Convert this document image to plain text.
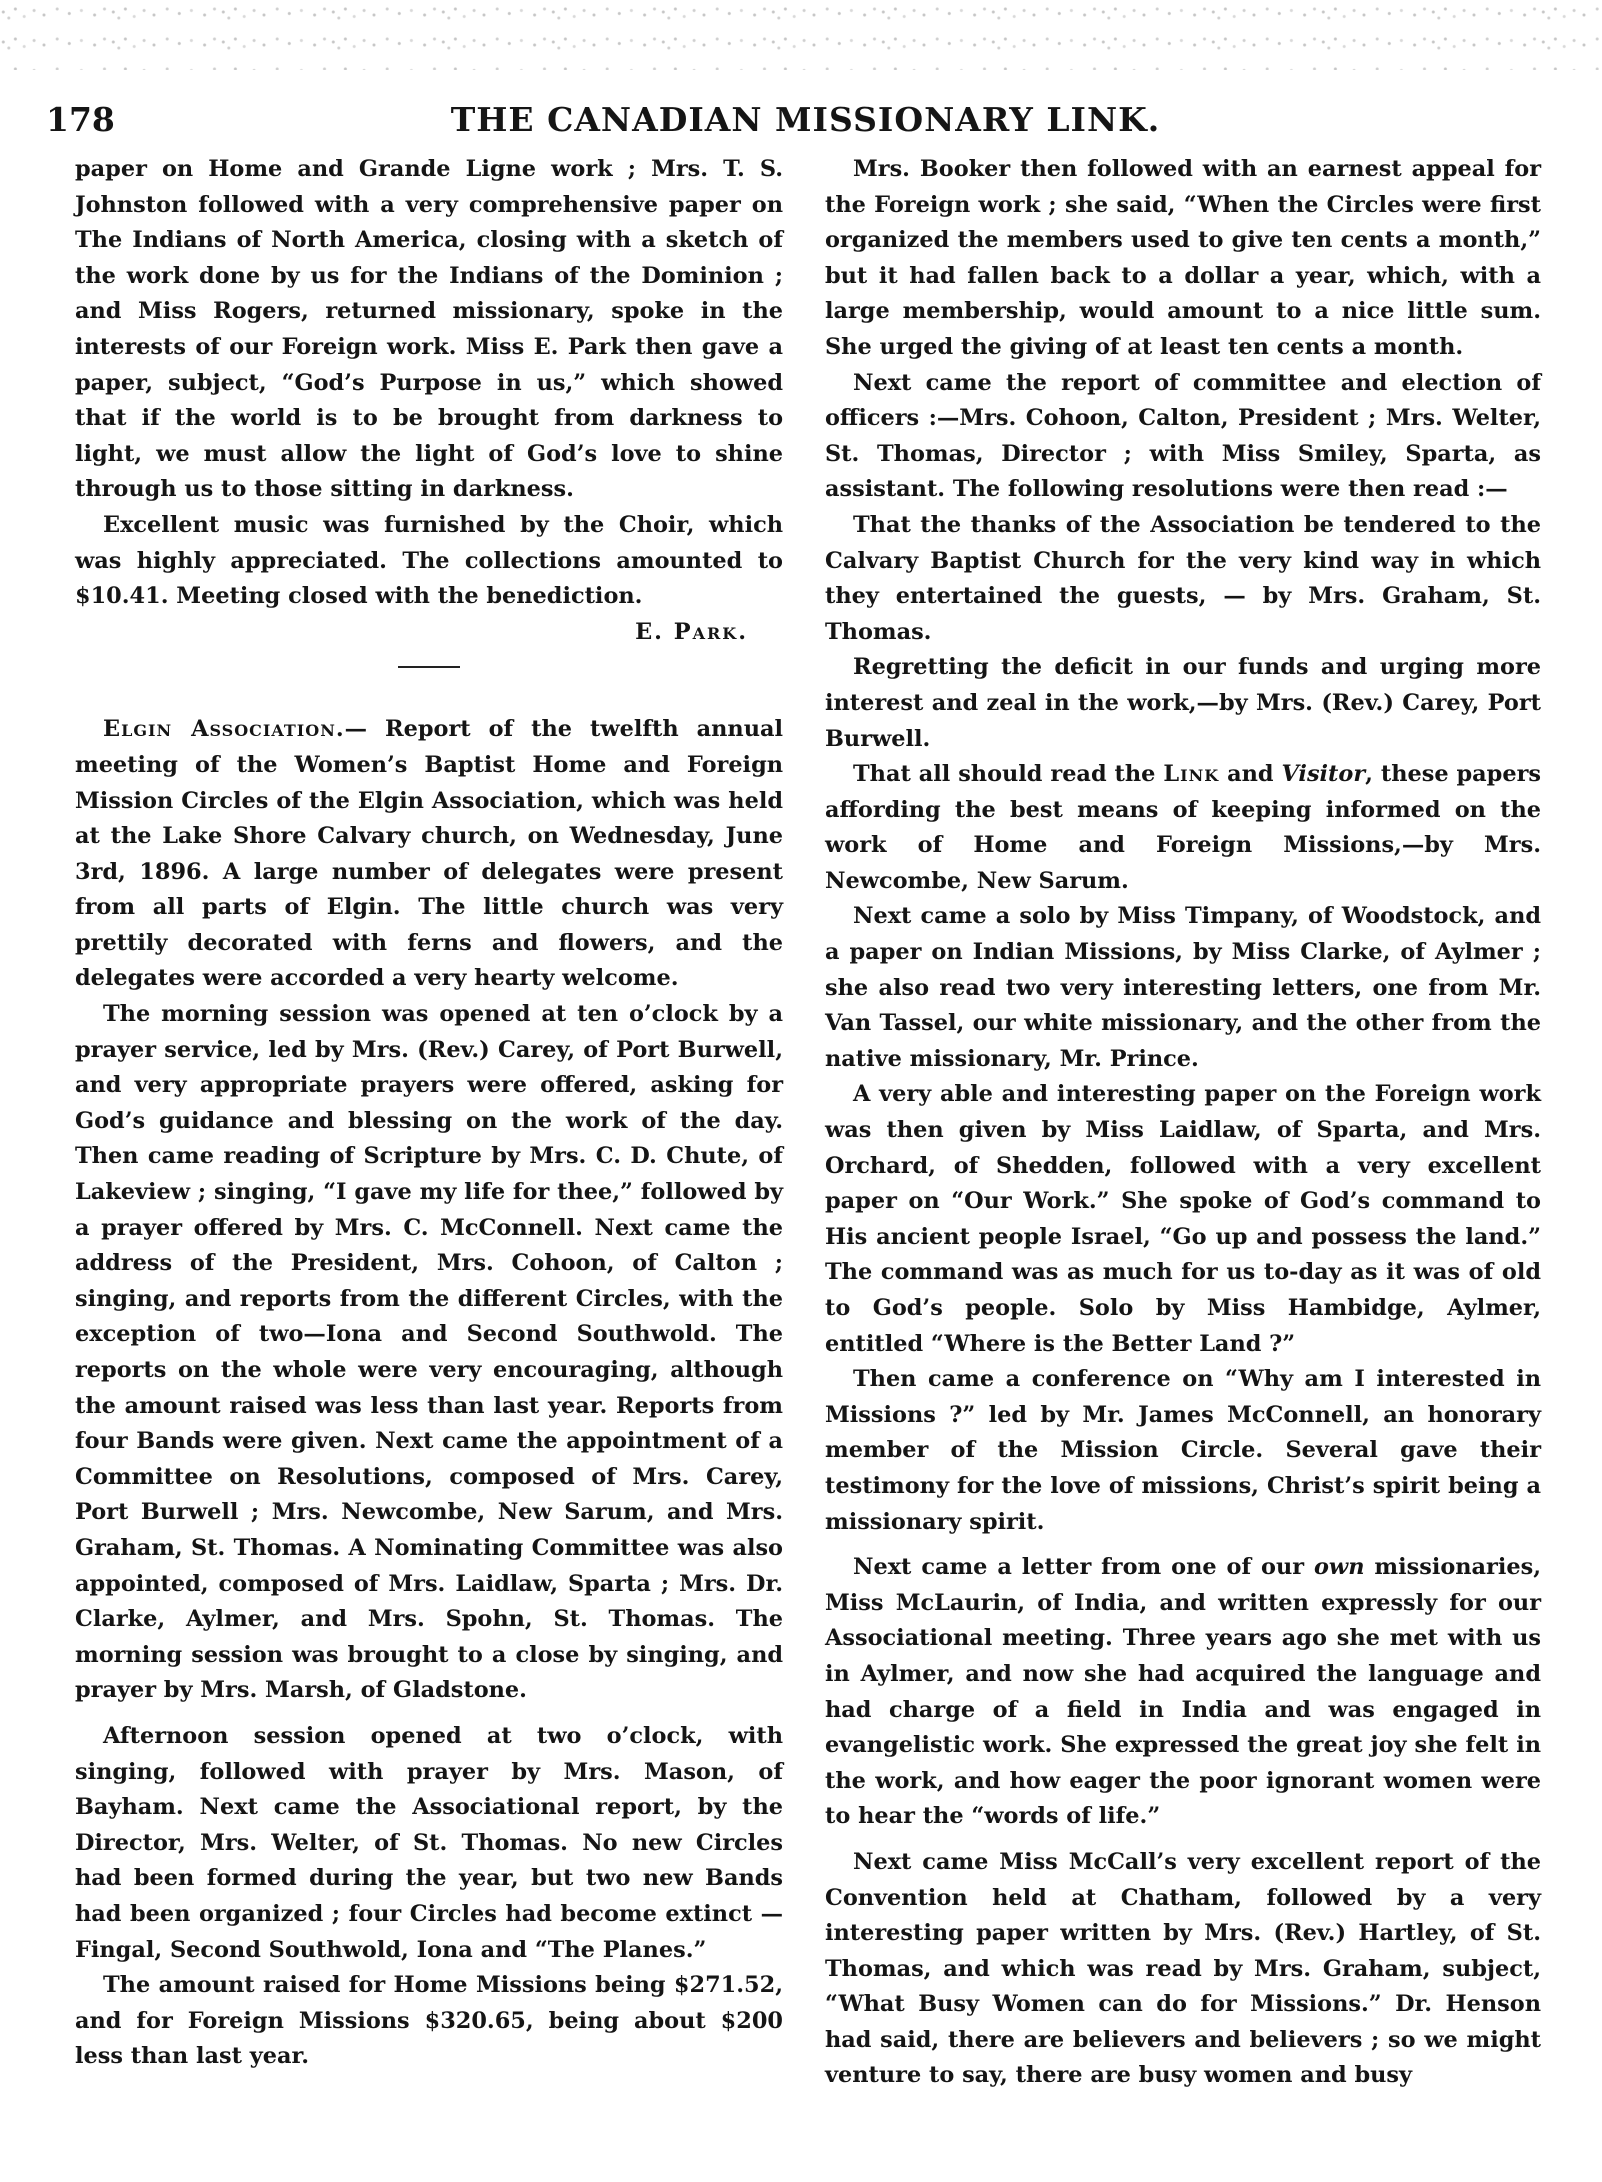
178	THE CANADIAN MISSIONARY LINK.

paper on Home and Grande Ligne work ; Mrs. T. S. Johnston followed with a very comprehensive paper on The Indians of North America, closing with a sketch of the work done by us for the Indians of the Dominion ; and Miss Rogers, returned missionary, spoke in the interests of our Foreign work. Miss E. Park then gave a paper, subject, “God’s Purpose in us,” which showed that if the world is to be brought from darkness to light, we must allow the light of God’s love to shine through us to those sitting in darkness.

Excellent music was furnished by the Choir, which was highly appreciated. The collections amounted to $10.41. Meeting closed with the benediction.

E. Park.

Elgin Association.— Report of the twelfth annual meeting of the Women’s Baptist Home and Foreign Mission Circles of the Elgin Association, which was held at the Lake Shore Calvary church, on Wednesday, June 3rd, 1896. A large number of delegates were present from all parts of Elgin. The little church was very prettily decorated with ferns and flowers, and the delegates were accorded a very hearty welcome.

The morning session was opened at ten o’clock by a prayer service, led by Mrs. (Rev.) Carey, of Port Burwell, and very appropriate prayers were offered, asking for God’s guidance and blessing on the work of the day. Then came reading of Scripture by Mrs. C. D. Chute, of Lakeview ; singing, “I gave my life for thee,” followed by a prayer offered by Mrs. C. McConnell. Next came the address of the President, Mrs. Cohoon, of Calton ; singing, and reports from the different Circles, with the exception of two—Iona and Second Southwold. The reports on the whole were very encouraging, although the amount raised was less than last year. Reports from four Bands were given. Next came the appointment of a Committee on Resolutions, composed of Mrs. Carey, Port Burwell ; Mrs. Newcombe, New Sarum, and Mrs. Graham, St. Thomas. A Nominating Committee was also appointed, composed of Mrs. Laidlaw, Sparta ; Mrs. Dr. Clarke, Aylmer, and Mrs. Spohn, St. Thomas. The morning session was brought to a close by singing, and prayer by Mrs. Marsh, of Gladstone.

Afternoon session opened at two o’clock, with singing, followed with prayer by Mrs. Mason, of Bayham. Next came the Associational report, by the Director, Mrs. Welter, of St. Thomas. No new Circles had been formed during the year, but two new Bands had been organized ; four Circles had become extinct — Fingal, Second Southwold, Iona and “The Planes.”

The amount raised for Home Missions being $271.52, and for Foreign Missions $320.65, being about $200 less than last year.

Mrs. Booker then followed with an earnest appeal for the Foreign work ; she said, “When the Circles were first organized the members used to give ten cents a month,” but it had fallen back to a dollar a year, which, with a large membership, would amount to a nice little sum. She urged the giving of at least ten cents a month.

Next came the report of committee and election of officers :—Mrs. Cohoon, Calton, President ; Mrs. Welter, St. Thomas, Director ; with Miss Smiley, Sparta, as assistant. The following resolutions were then read :—

That the thanks of the Association be tendered to the Calvary Baptist Church for the very kind way in which they entertained the guests, — by Mrs. Graham, St. Thomas.

Regretting the deficit in our funds and urging more interest and zeal in the work,—by Mrs. (Rev.) Carey, Port Burwell.

That all should read the Link and Visitor, these papers affording the best means of keeping informed on the work of Home and Foreign Missions,—by Mrs. Newcombe, New Sarum.

Next came a solo by Miss Timpany, of Woodstock, and a paper on Indian Missions, by Miss Clarke, of Aylmer ; she also read two very interesting letters, one from Mr. Van Tassel, our white missionary, and the other from the native missionary, Mr. Prince.

A very able and interesting paper on the Foreign work was then given by Miss Laidlaw, of Sparta, and Mrs. Orchard, of Shedden, followed with a very excellent paper on “Our Work.” She spoke of God’s command to His ancient people Israel, “Go up and possess the land.” The command was as much for us to-day as it was of old to God’s people. Solo by Miss Hambidge, Aylmer, entitled “Where is the Better Land ?”

Then came a conference on “Why am I interested in Missions ?” led by Mr. James McConnell, an honorary member of the Mission Circle. Several gave their testimony for the love of missions, Christ’s spirit being a missionary spirit.

Next came a letter from one of our own missionaries, Miss McLaurin, of India, and written expressly for our Associational meeting. Three years ago she met with us in Aylmer, and now she had acquired the language and had charge of a field in India and was engaged in evangelistic work. She expressed the great joy she felt in the work, and how eager the poor ignorant women were to hear the “words of life.”

Next came Miss McCall’s very excellent report of the Convention held at Chatham, followed by a very interesting paper written by Mrs. (Rev.) Hartley, of St. Thomas, and which was read by Mrs. Graham, subject, “What Busy Women can do for Missions.” Dr. Henson had said, there are believers and believers ; so we might venture to say, there are busy women and busy
